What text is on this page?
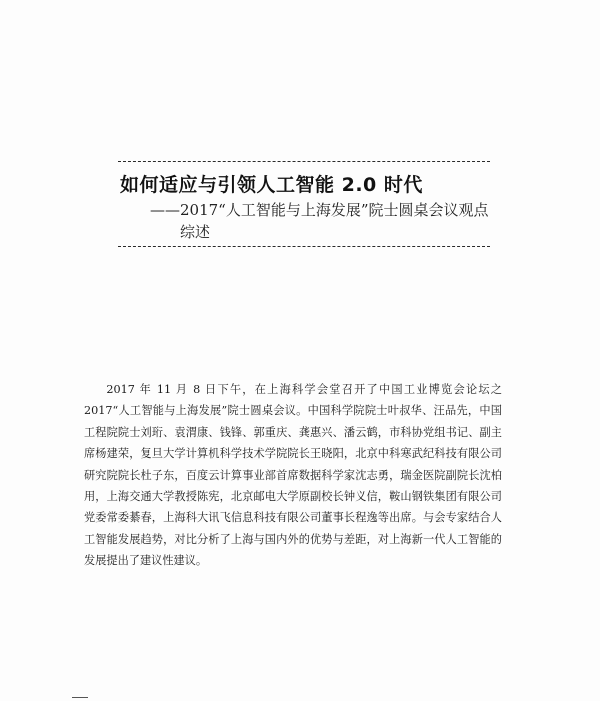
如何适应与引领人工智能 2.0 时代
——2017“人工智能与上海发展”院士圆桌会议观点
综述

2017 年 11 月 8 日下午，在上海科学会堂召开了中国工业博览会论坛之 2017“人工智能与上海发展”院士圆桌会议。中国科学院院士叶叔华、汪品先，中国工程院院士刘珩、袁渭康、钱锋、郭重庆、龚惠兴、潘云鹤，市科协党组书记、副主席杨建荣，复旦大学计算机科学技术学院院长王晓阳，北京中科寒武纪科技有限公司研究院院长杜子东，百度云计算事业部首席数据科学家沈志勇，瑞金医院副院长沈柏用，上海交通大学教授陈宪，北京邮电大学原副校长钟义信，鞍山钢铁集团有限公司党委常委綦春，上海科大讯飞信息科技有限公司董事长程逸等出席。与会专家结合人工智能发展趋势，对比分析了上海与国内外的优势与差距，对上海新一代人工智能的发展提出了建议性建议。
